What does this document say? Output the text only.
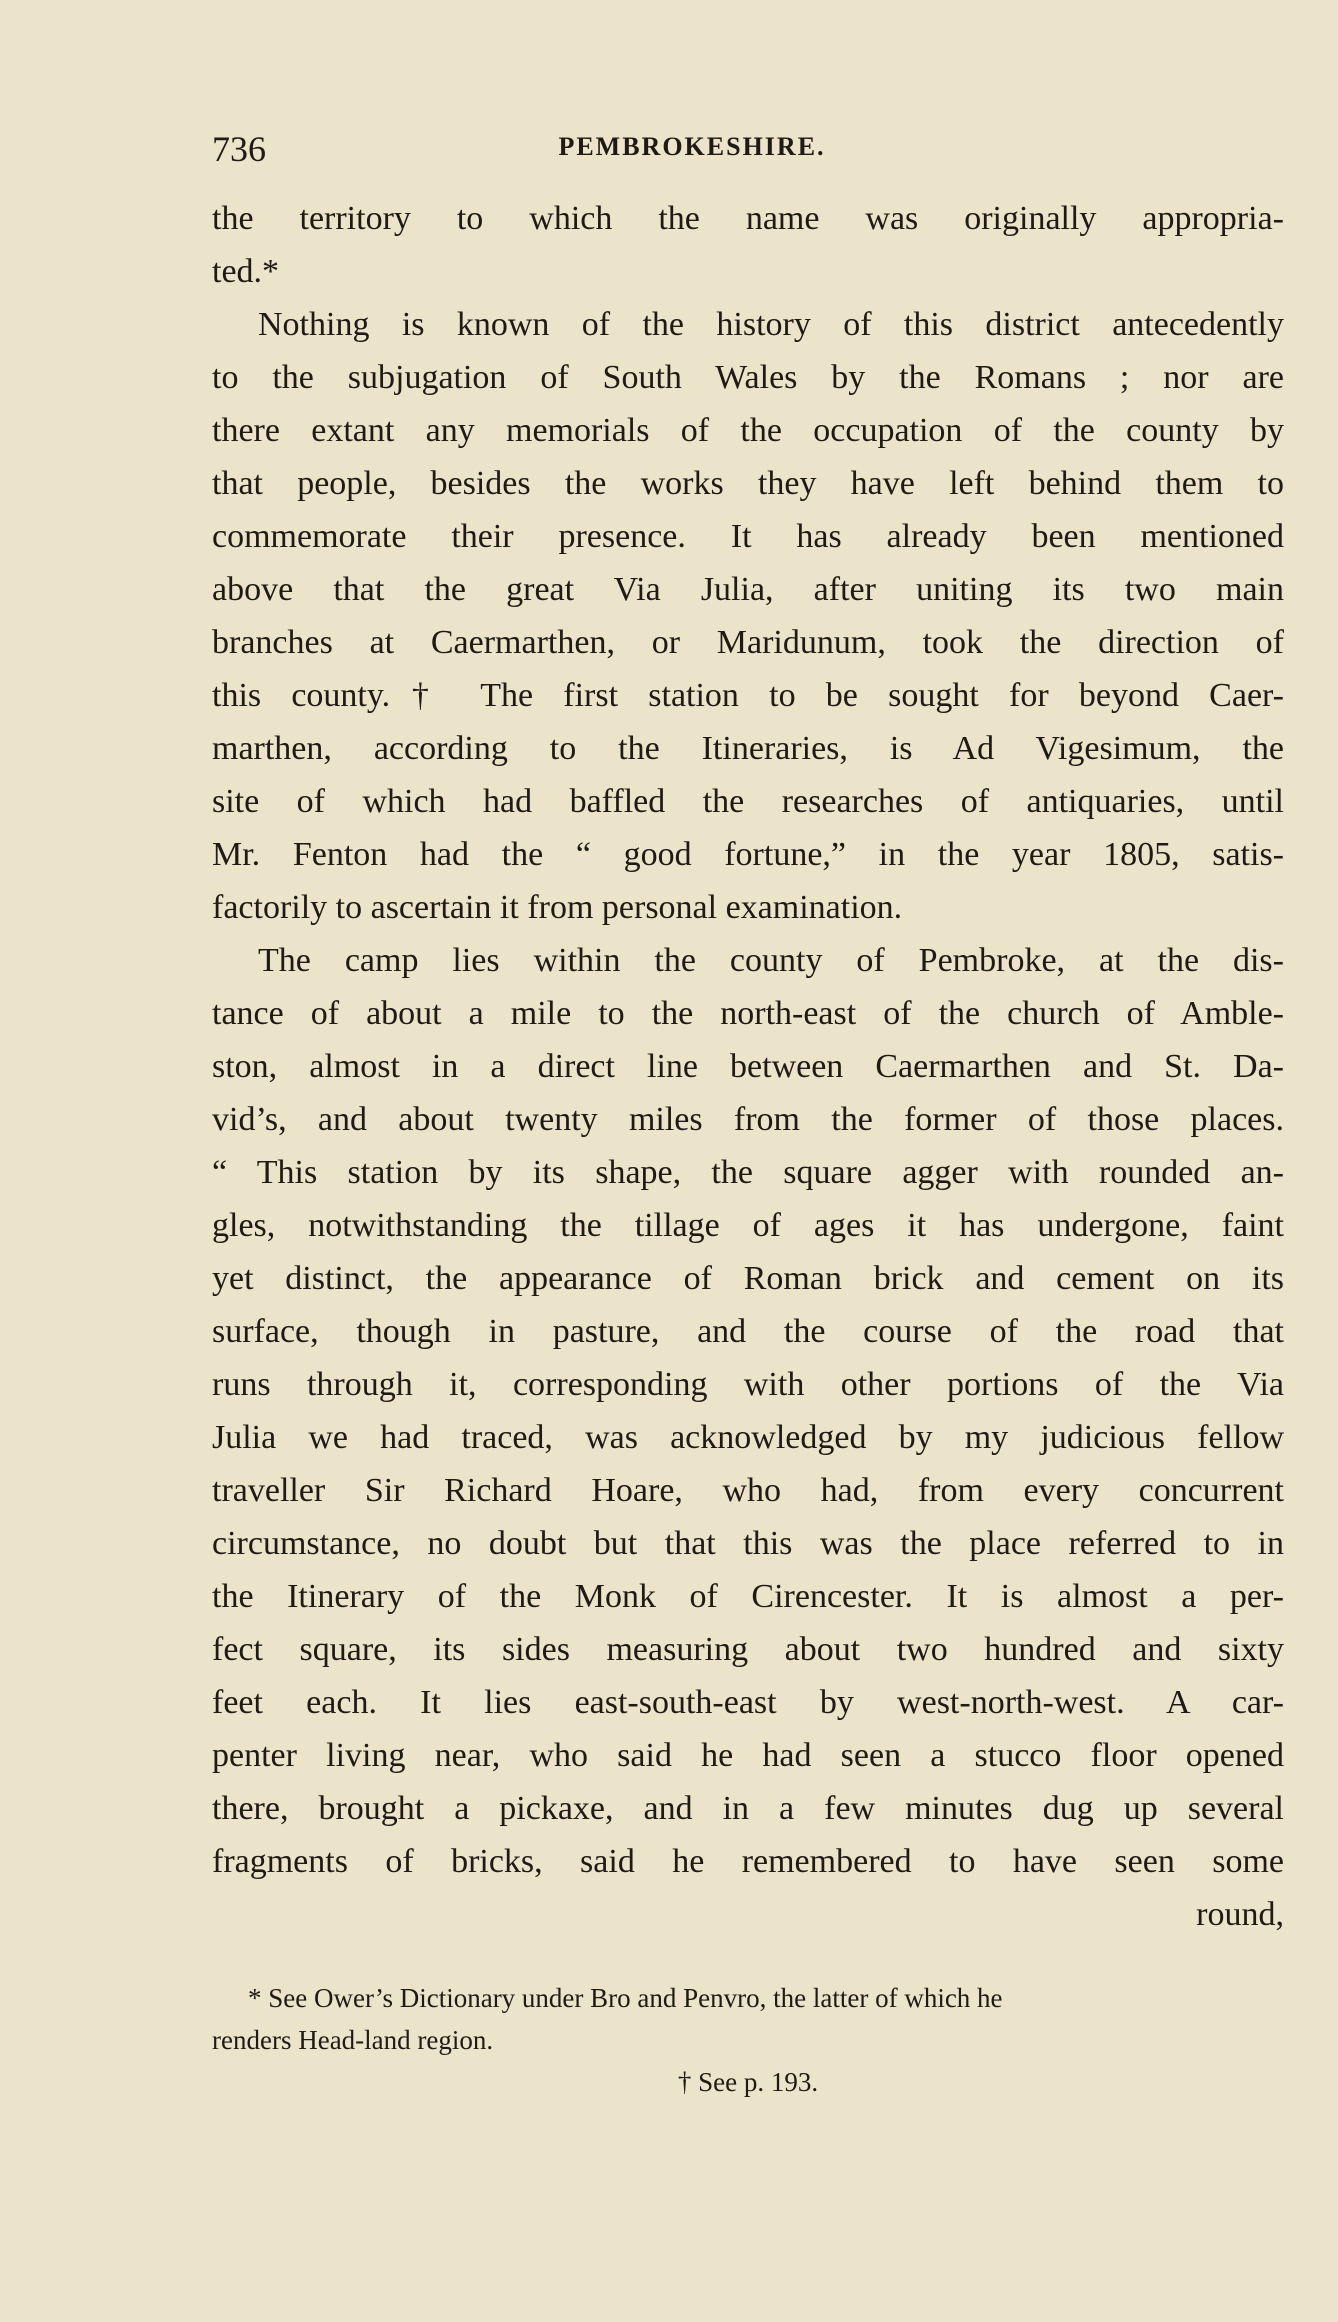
736	PEMBROKESHIRE.
the territory to which the name was originally appropria-
ted.*
Nothing is known of the history of this district antecedently
to the subjugation of South Wales by the Romans ; nor are
there extant any memorials of the occupation of the county by
that people, besides the works they have left behind them to
commemorate their presence. It has already been mentioned
above that the great Via Julia, after uniting its two main
branches at Caermarthen, or Maridunum, took the direction of
this county.† The first station to be sought for beyond Caer-
marthen, according to the Itineraries, is Ad Vigesimum, the
site of which had baffled the researches of antiquaries, until
Mr. Fenton had the “ good fortune,” in the year 1805, satis-
factorily to ascertain it from personal examination.
The camp lies within the county of Pembroke, at the dis-
tance of about a mile to the north-east of the church of Amble-
ston, almost in a direct line between Caermarthen and St. Da-
vid’s, and about twenty miles from the former of those places.
“ This station by its shape, the square agger with rounded an-
gles, notwithstanding the tillage of ages it has undergone, faint
yet distinct, the appearance of Roman brick and cement on its
surface, though in pasture, and the course of the road that
runs through it, corresponding with other portions of the Via
Julia we had traced, was acknowledged by my judicious fellow
traveller Sir Richard Hoare, who had, from every concurrent
circumstance, no doubt but that this was the place referred to in
the Itinerary of the Monk of Cirencester. It is almost a per-
fect square, its sides measuring about two hundred and sixty
feet each. It lies east-south-east by west-north-west. A car-
penter living near, who said he had seen a stucco floor opened
there, brought a pickaxe, and in a few minutes dug up several
fragments of bricks, said he remembered to have seen some
round,
* See Ower’s Dictionary under Bro and Penvro, the latter of which he
renders Head-land region.
† See p. 193.
